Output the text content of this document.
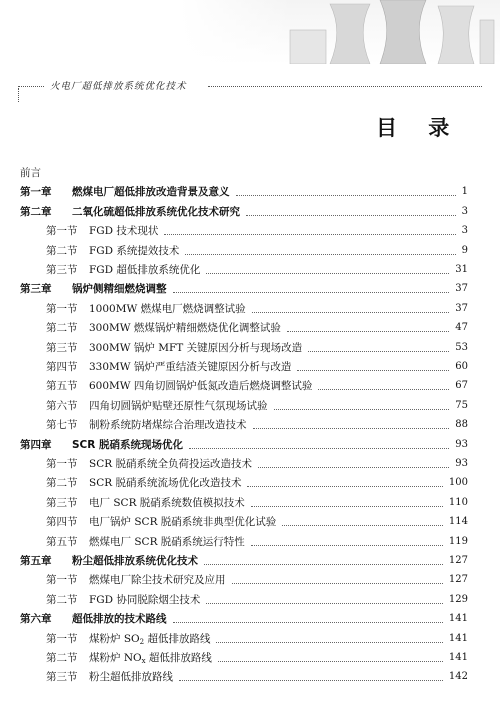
火电厂超低排放系统优化技术
目 录
前言
第一章 燃煤电厂超低排放改造背景及意义	1
第二章 二氧化硫超低排放系统优化技术研究	3
第一节 FGD 技术现状	3
第二节 FGD 系统提效技术	9
第三节 FGD 超低排放系统优化	31
第三章 锅炉侧精细燃烧调整	37
第一节 1000MW 燃煤电厂燃烧调整试验	37
第二节 300MW 燃煤锅炉精细燃烧优化调整试验	47
第三节 300MW 锅炉 MFT 关键原因分析与现场改造	53
第四节 330MW 锅炉严重结渣关键原因分析与改造	60
第五节 600MW 四角切圆锅炉低氮改造后燃烧调整试验	67
第六节 四角切圆锅炉贴壁还原性气氛现场试验	75
第七节 制粉系统防堵煤综合治理改造技术	88
第四章 SCR 脱硝系统现场优化	93
第一节 SCR 脱硝系统全负荷投运改造技术	93
第二节 SCR 脱硝系统流场优化改造技术	100
第三节 电厂 SCR 脱硝系统数值模拟技术	110
第四节 电厂锅炉 SCR 脱硝系统非典型优化试验	114
第五节 燃煤电厂 SCR 脱硝系统运行特性	119
第五章 粉尘超低排放系统优化技术	127
第一节 燃煤电厂除尘技术研究及应用	127
第二节 FGD 协同脱除烟尘技术	129
第六章 超低排放的技术路线	141
第一节 煤粉炉 $SO_2$ 超低排放路线	141
第二节 煤粉炉 $NO_x$ 超低排放路线	141
第三节 粉尘超低排放路线	142
